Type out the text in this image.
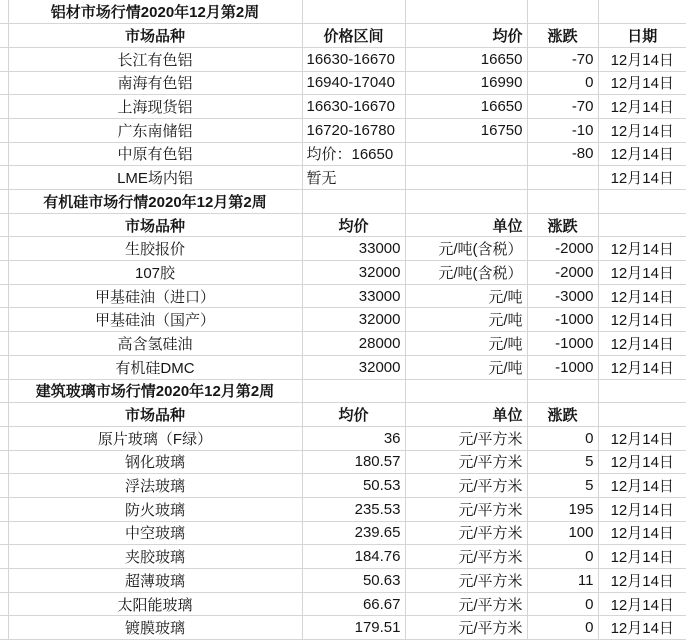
	铝材市场行情2020年12月第2周				
	市场品种	价格区间	均价	涨跌	日期
	长江有色铝	16630-16670	16650	-70	12月14日
	南海有色铝	16940-17040	16990	0	12月14日
	上海现货铝	16630-16670	16650	-70	12月14日
	广东南储铝	16720-16780	16750	-10	12月14日
	中原有色铝	均价：16650		-80	12月14日
	LME场内铝	暂无			12月14日
	有机硅市场行情2020年12月第2周				
	市场品种	均价	单位	涨跌	
	生胶报价	33000	元/吨(含税）	-2000	12月14日
	107胶	32000	元/吨(含税）	-2000	12月14日
	甲基硅油（进口）	33000	元/吨	-3000	12月14日
	甲基硅油（国产）	32000	元/吨	-1000	12月14日
	高含氢硅油	28000	元/吨	-1000	12月14日
	有机硅DMC	32000	元/吨	-1000	12月14日
	建筑玻璃市场行情2020年12月第2周				
	市场品种	均价	单位	涨跌	
	原片玻璃（F绿）	36	元/平方米	0	12月14日
	钢化玻璃	180.57	元/平方米	5	12月14日
	浮法玻璃	50.53	元/平方米	5	12月14日
	防火玻璃	235.53	元/平方米	195	12月14日
	中空玻璃	239.65	元/平方米	100	12月14日
	夹胶玻璃	184.76	元/平方米	0	12月14日
	超薄玻璃	50.63	元/平方米	11	12月14日
	太阳能玻璃	66.67	元/平方米	0	12月14日
	镀膜玻璃	179.51	元/平方米	0	12月14日
